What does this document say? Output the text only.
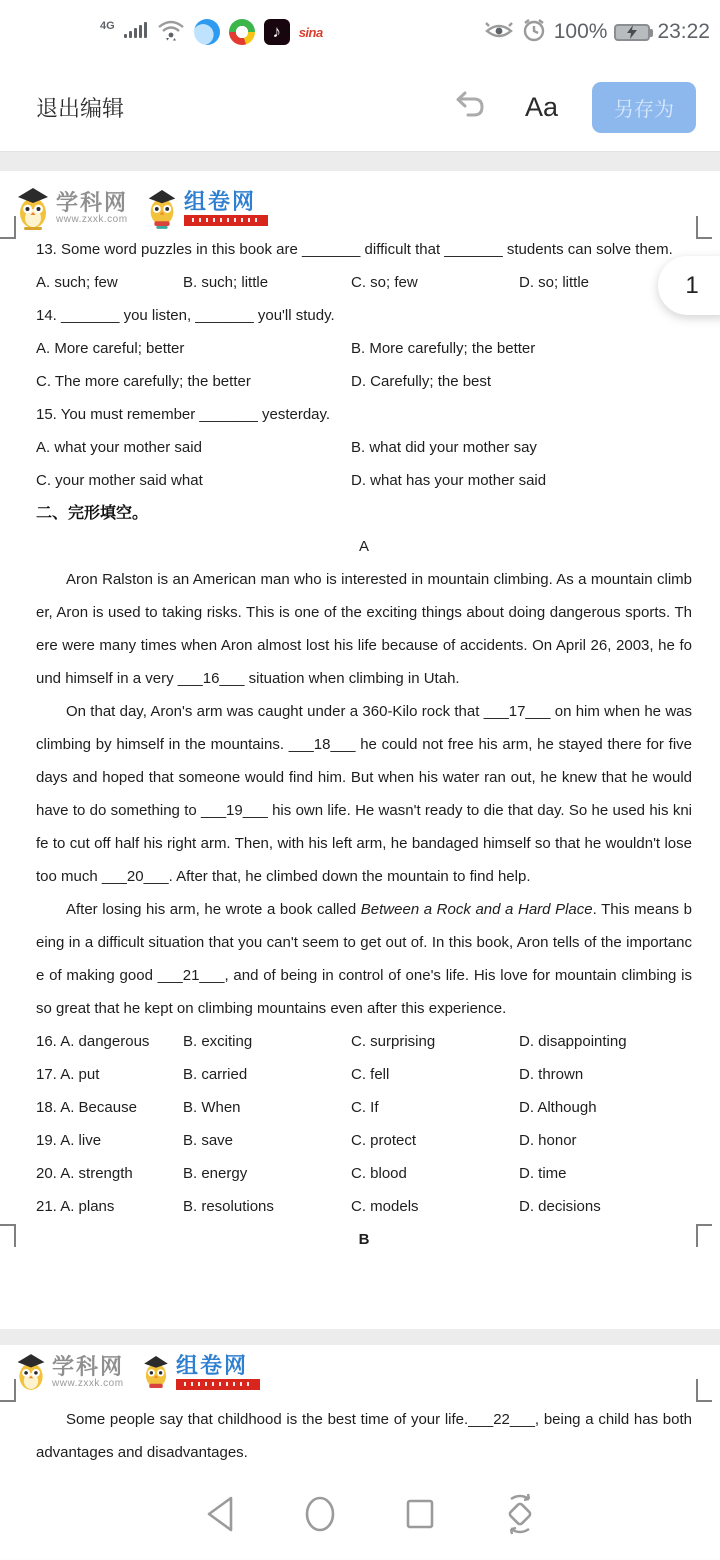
4G	♪	sina	100% 23:22
退出编辑	Aa	另存为
学科网
www.zxxk.com
组卷网
13. Some word puzzles in this book are _______ difficult that _______ students can solve them.
A. such; few	B. such; little	C. so; few	D. so; little
14. _______ you listen, _______ you'll study.
A. More careful; better	B. More carefully; the better
C. The more carefully; the better	D. Carefully; the best
15. You must remember _______ yesterday.
A. what your mother said	B. what did your mother say
C. your mother said what	D. what has your mother said
二、完形填空。
A
Aron Ralston is an American man who is interested in mountain climbing. As a mountain climber, Aron is used to taking risks. This is one of the exciting things about doing dangerous sports. There were many times when Aron almost lost his life because of accidents. On April 26, 2003, he found himself in a very ___16___ situation when climbing in Utah.
On that day, Aron's arm was caught under a 360-Kilo rock that ___17___ on him when he was climbing by himself in the mountains. ___18___ he could not free his arm, he stayed there for five days and hoped that someone would find him. But when his water ran out, he knew that he would have to do something to ___19___ his own life. He wasn't ready to die that day. So he used his knife to cut off half his right arm. Then, with his left arm, he bandaged himself so that he wouldn't lose too much ___20___. After that, he climbed down the mountain to find help.
After losing his arm, he wrote a book called Between a Rock and a Hard Place. This means being in a difficult situation that you can't seem to get out of. In this book, Aron tells of the importance of making good ___21___, and of being in control of one's life. His love for mountain climbing is so great that he kept on climbing mountains even after this experience.
16. A. dangerous	B. exciting	C. surprising	D. disappointing
17. A. put	B. carried	C. fell	D. thrown
18. A. Because	B. When	C. If	D. Although
19. A. live	B. save	C. protect	D. honor
20. A. strength	B. energy	C. blood	D. time
21. A. plans	B. resolutions	C. models	D. decisions
B
学科网
www.zxxk.com
组卷网
Some people say that childhood is the best time of your life.___22___, being a child has both advantages and disadvantages.
1
